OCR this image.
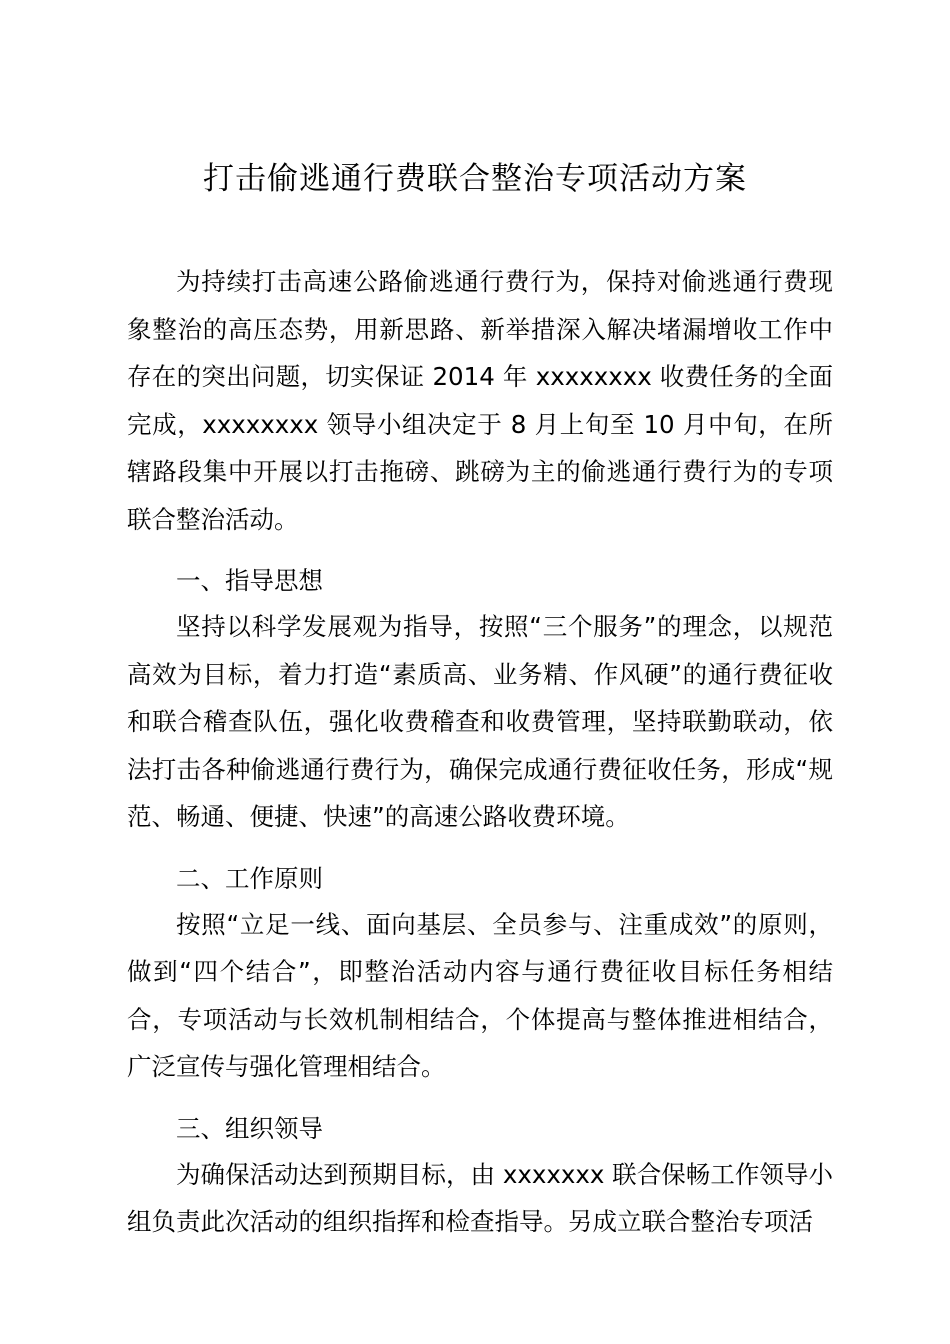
打击偷逃通行费联合整治专项活动方案

为持续打击高速公路偷逃通行费行为，保持对偷逃通行费现象整治的高压态势，用新思路、新举措深入解决堵漏增收工作中存在的突出问题，切实保证 2014 年 xxxxxxxx 收费任务的全面完成，xxxxxxxx 领导小组决定于 8 月上旬至 10 月中旬，在所辖路段集中开展以打击拖磅、跳磅为主的偷逃通行费行为的专项联合整治活动。

一、指导思想

坚持以科学发展观为指导，按照“三个服务”的理念，以规范高效为目标，着力打造“素质高、业务精、作风硬”的通行费征收和联合稽查队伍，强化收费稽查和收费管理，坚持联勤联动，依法打击各种偷逃通行费行为，确保完成通行费征收任务，形成“规范、畅通、便捷、快速”的高速公路收费环境。

二、工作原则

按照“立足一线、面向基层、全员参与、注重成效”的原则，做到“四个结合”，即整治活动内容与通行费征收目标任务相结合，专项活动与长效机制相结合，个体提高与整体推进相结合，广泛宣传与强化管理相结合。

三、组织领导

为确保活动达到预期目标，由 xxxxxxx 联合保畅工作领导小组负责此次活动的组织指挥和检查指导。另成立联合整治专项活
